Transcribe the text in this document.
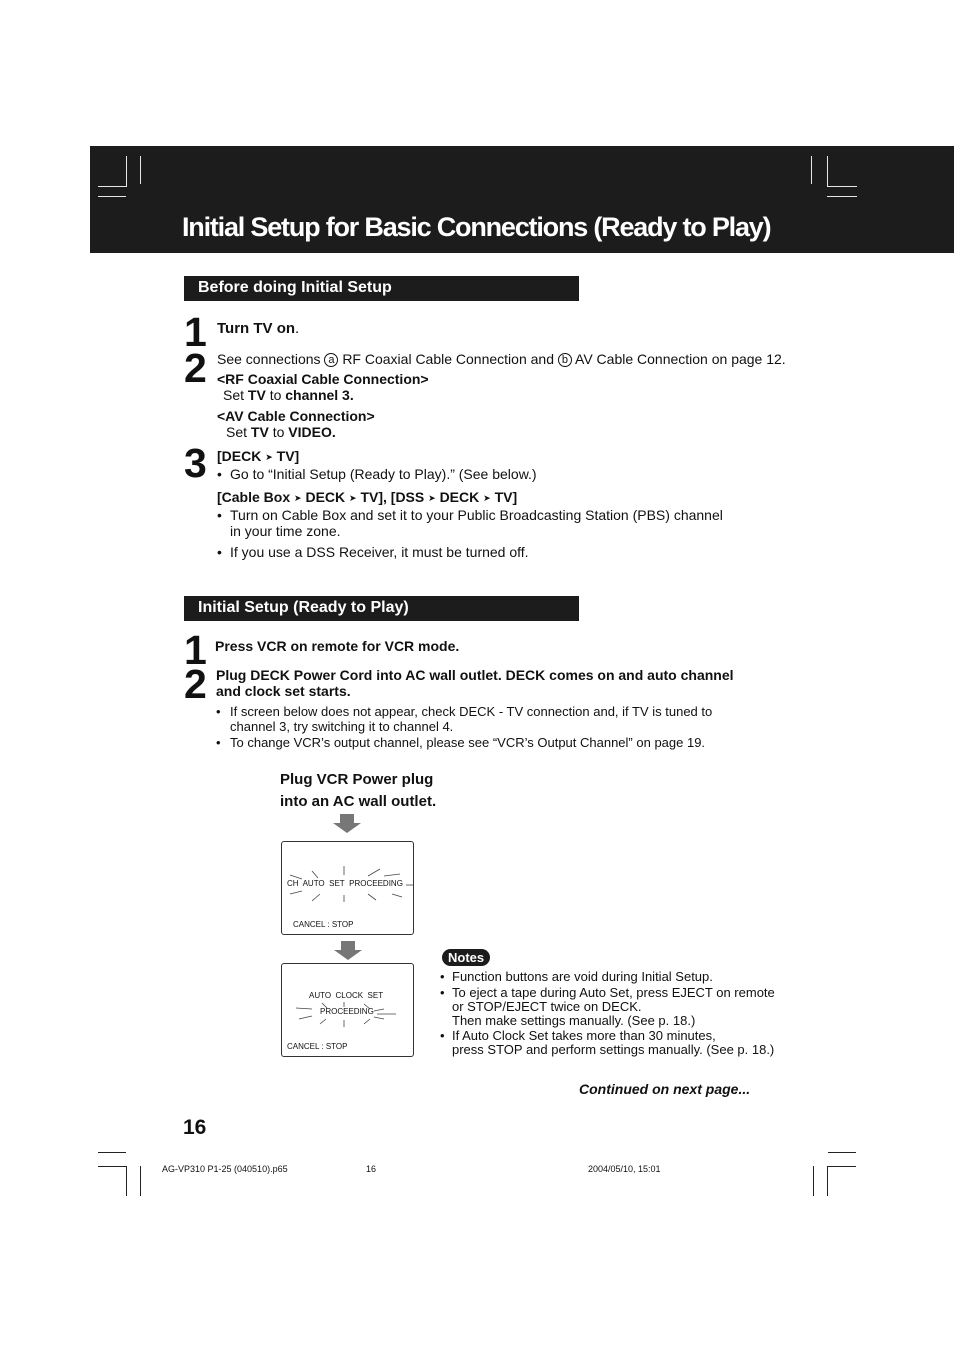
Initial Setup for Basic Connections (Ready to Play)
Before doing Initial Setup
1 Turn TV on.
2 See connections a RF Coaxial Cable Connection and b AV Cable Connection on page 12.
<RF Coaxial Cable Connection>
Set TV to channel 3.
<AV Cable Connection>
Set TV to VIDEO.
3 [DECK ➤ TV]
• Go to “Initial Setup (Ready to Play).” (See below.)
[Cable Box ➤ DECK ➤ TV], [DSS ➤ DECK ➤ TV]
• Turn on Cable Box and set it to your Public Broadcasting Station (PBS) channel
in your time zone.
• If you use a DSS Receiver, it must be turned off.
Initial Setup (Ready to Play)
1 Press VCR on remote for VCR mode.
2 Plug DECK Power Cord into AC wall outlet. DECK comes on and auto channel
and clock set starts.
• If screen below does not appear, check DECK - TV connection and, if TV is tuned to
channel 3, try switching it to channel 4.
• To change VCR’s output channel, please see “VCR’s Output Channel” on page 19.
Plug VCR Power plug
into an AC wall outlet.
CH AUTO SET PROCEEDING
CANCEL : STOP
AUTO CLOCK SET
PROCEEDING
CANCEL : STOP
Notes
• Function buttons are void during Initial Setup.
• To eject a tape during Auto Set, press EJECT on remote
or STOP/EJECT twice on DECK.
Then make settings manually. (See p. 18.)
• If Auto Clock Set takes more than 30 minutes,
press STOP and perform settings manually. (See p. 18.)
Continued on next page...
16
AG-VP310 P1-25 (040510).p65	16	2004/05/10, 15:01
